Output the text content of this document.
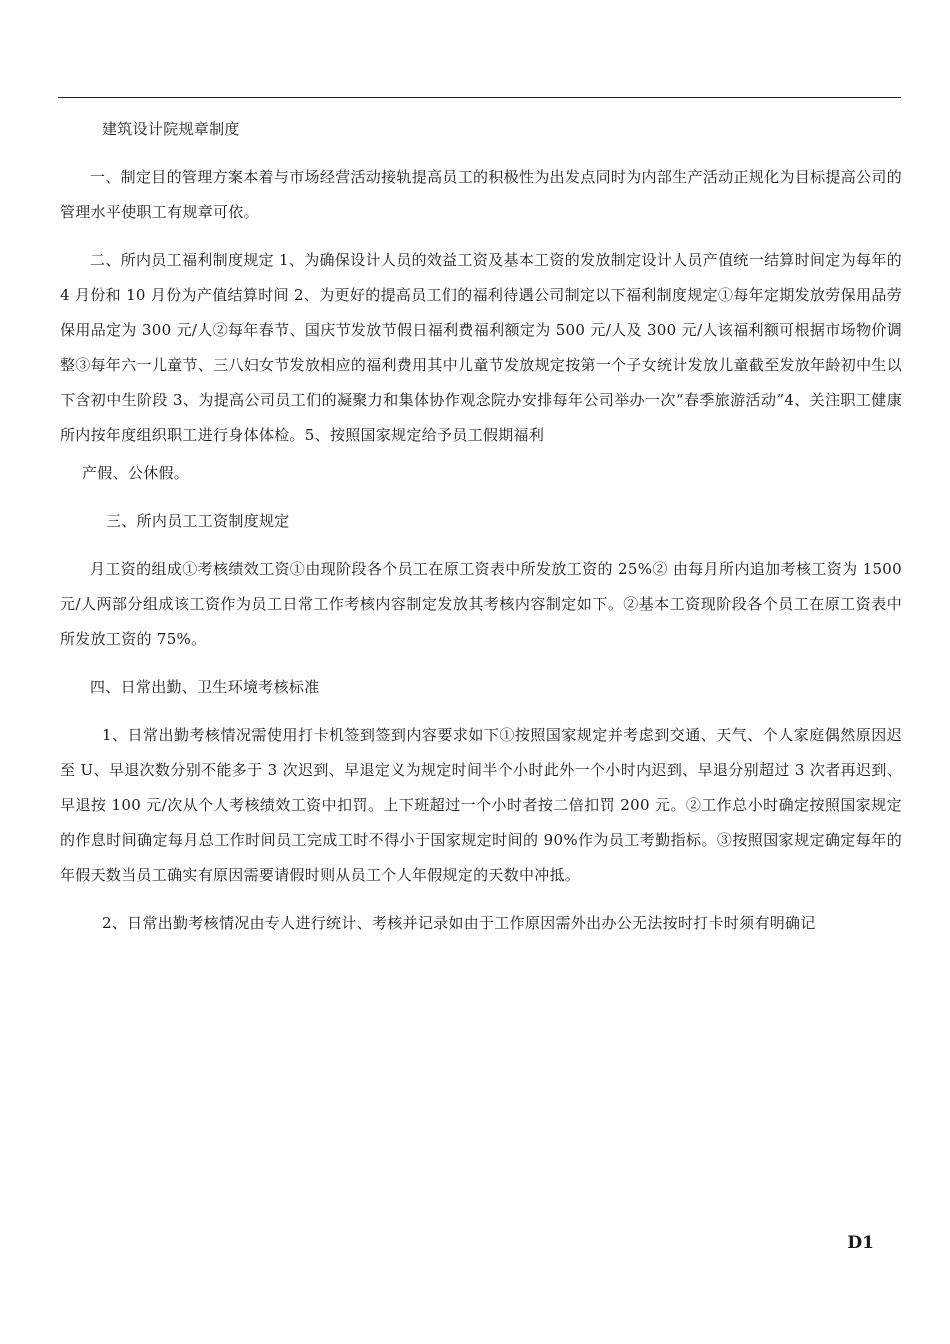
建筑设计院规章制度

一、制定目的管理方案本着与市场经营活动接轨提高员工的积极性为出发点同时为内部生产活动正规化为目标提高公司的管理水平使职工有规章可依。

二、所内员工福利制度规定 1、为确保设计人员的效益工资及基本工资的发放制定设计人员产值统一结算时间定为每年的 4 月份和 10 月份为产值结算时间 2、为更好的提高员工们的福利待遇公司制定以下福利制度规定①每年定期发放劳保用品劳保用品定为 300 元/人②每年春节、国庆节发放节假日福利费福利额定为 500 元/人及 300 元/人该福利额可根据市场物价调整③每年六一儿童节、三八妇女节发放相应的福利费用其中儿童节发放规定按第一个子女统计发放儿童截至发放年龄初中生以下含初中生阶段 3、为提高公司员工们的凝聚力和集体协作观念院办安排每年公司举办一次“春季旅游活动”4、关注职工健康所内按年度组织职工进行身体体检。5、按照国家规定给予员工假期福利

产假、公休假。

三、所内员工工资制度规定

月工资的组成①考核绩效工资①由现阶段各个员工在原工资表中所发放工资的 25%② 由每月所内追加考核工资为 1500 元/人两部分组成该工资作为员工日常工作考核内容制定发放其考核内容制定如下。②基本工资现阶段各个员工在原工资表中所发放工资的 75%。

四、日常出勤、卫生环境考核标准

1、日常出勤考核情况需使用打卡机签到签到内容要求如下①按照国家规定并考虑到交通、天气、个人家庭偶然原因迟至 U、早退次数分别不能多于 3 次迟到、早退定义为规定时间半个小时此外一个小时内迟到、早退分别超过 3 次者再迟到、早退按 100 元/次从个人考核绩效工资中扣罚。上下班超过一个小时者按二倍扣罚 200 元。②工作总小时确定按照国家规定的作息时间确定每月总工作时间员工完成工时不得小于国家规定时间的 90%作为员工考勤指标。③按照国家规定确定每年的年假天数当员工确实有原因需要请假时则从员工个人年假规定的天数中冲抵。

2、日常出勤考核情况由专人进行统计、考核并记录如由于工作原因需外出办公无法按时打卡时须有明确记

D1
